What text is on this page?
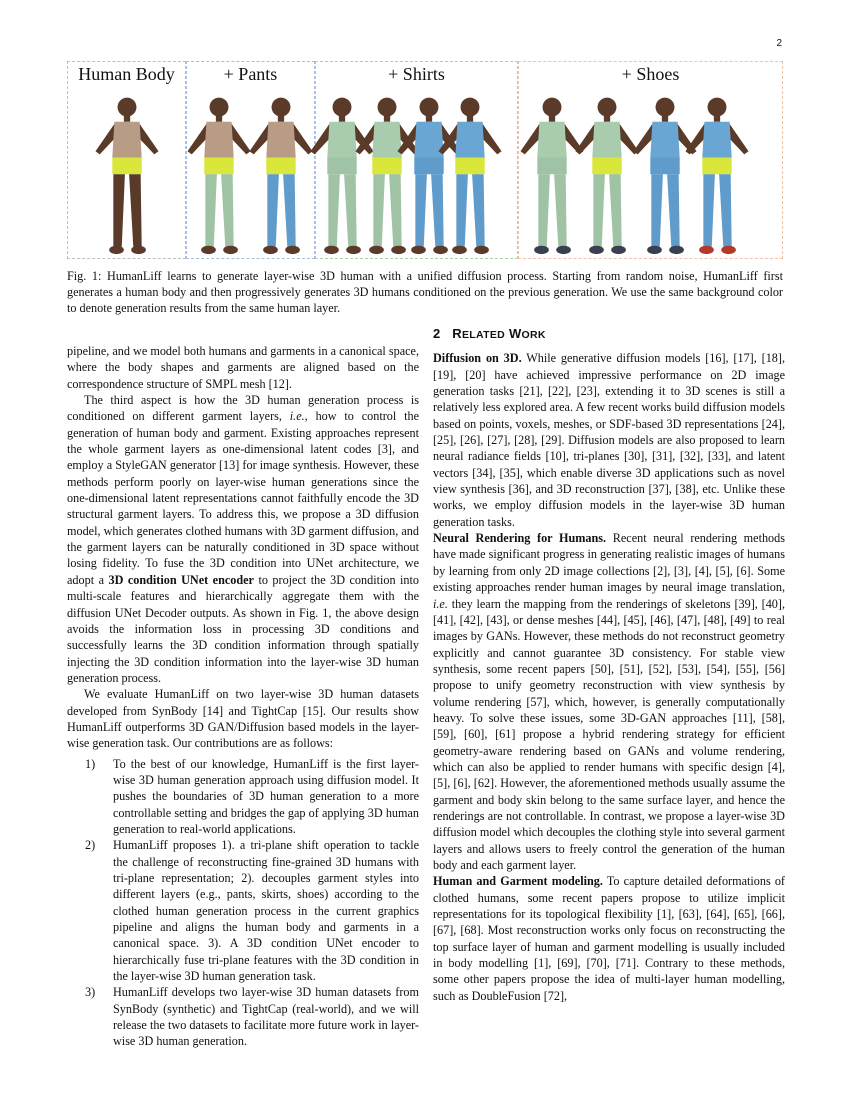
2
Human Body	+ Pants	+ Shirts	+ Shoes
Fig. 1: HumanLiff learns to generate layer-wise 3D human with a unified diffusion process. Starting from random noise, HumanLiff first generates a human body and then progressively generates 3D humans conditioned on the previous generation. We use the same background color to denote generation results from the same human layer.

pipeline, and we model both humans and garments in a canonical space, where the body shapes and garments are aligned based on the correspondence structure of SMPL mesh [12].

The third aspect is how the 3D human generation process is conditioned on different garment layers, i.e., how to control the generation of human body and garment. Existing approaches represent the whole garment layers as one-dimensional latent codes [3], and employ a StyleGAN generator [13] for image synthesis. However, these methods perform poorly on layer-wise human generations since the one-dimensional latent representations cannot faithfully encode the 3D structural garment layers. To address this, we propose a 3D diffusion model, which generates clothed humans with 3D garment diffusion, and the garment layers can be naturally conditioned in 3D space without losing fidelity. To fuse the 3D condition into UNet architecture, we adopt a 3D condition UNet encoder to project the 3D condition into multi-scale features and hierarchically aggregate them with the diffusion UNet Decoder outputs. As shown in Fig. 1, the above design avoids the information loss in processing 3D conditions and successfully learns the 3D condition information through spatially injecting the 3D condition information into the layer-wise 3D human generation process.

We evaluate HumanLiff on two layer-wise 3D human datasets developed from SynBody [14] and TightCap [15]. Our results show HumanLiff outperforms 3D GAN/Diffusion based models in the layer-wise generation task. Our contributions are as follows:

1) To the best of our knowledge, HumanLiff is the first layer-wise 3D human generation approach using diffusion model. It pushes the boundaries of 3D human generation to a more controllable setting and bridges the gap of applying 3D human generation to real-world applications.
2) HumanLiff proposes 1). a tri-plane shift operation to tackle the challenge of reconstructing fine-grained 3D humans with tri-plane representation; 2). decouples garment styles into different layers (e.g., pants, skirts, shoes) according to the clothed human generation process in the current graphics pipeline and aligns the human body and garments in a canonical space. 3). A 3D condition UNet encoder to hierarchically fuse tri-plane features with the 3D condition in the layer-wise 3D human generation task.
3) HumanLiff develops two layer-wise 3D human datasets from SynBody (synthetic) and TightCap (real-world), and we will release the two datasets to facilitate more future work in layer-wise 3D human generation.
2 RELATED WORK

Diffusion on 3D. While generative diffusion models [16], [17], [18], [19], [20] have achieved impressive performance on 2D image generation tasks [21], [22], [23], extending it to 3D scenes is still a relatively less explored area. A few recent works build diffusion models based on points, voxels, meshes, or SDF-based 3D representations [24], [25], [26], [27], [28], [29]. Diffusion models are also proposed to learn neural radiance fields [10], tri-planes [30], [31], [32], [33], and latent vectors [34], [35], which enable diverse 3D applications such as novel view synthesis [36], and 3D reconstruction [37], [38], etc. Unlike these works, we employ diffusion models in the layer-wise 3D human generation tasks.

Neural Rendering for Humans. Recent neural rendering methods have made significant progress in generating realistic images of humans by learning from only 2D image collections [2], [3], [4], [5], [6]. Some existing approaches render human images by neural image translation, i.e. they learn the mapping from the renderings of skeletons [39], [40], [41], [42], [43], or dense meshes [44], [45], [46], [47], [48], [49] to real images by GANs. However, these methods do not reconstruct geometry explicitly and cannot guarantee 3D consistency. For stable view synthesis, some recent papers [50], [51], [52], [53], [54], [55], [56] propose to unify geometry reconstruction with view synthesis by volume rendering [57], which, however, is generally computationally heavy. To solve these issues, some 3D-GAN approaches [11], [58], [59], [60], [61] propose a hybrid rendering strategy for efficient geometry-aware rendering based on GANs and volume rendering, which can also be applied to render humans with specific design [4], [5], [6], [62]. However, the aforementioned methods usually assume the garment and body skin belong to the same surface layer, and hence the renderings are not controllable. In contrast, we propose a layer-wise 3D diffusion model which decouples the clothing style into several garment layers and allows users to freely control the generation of the human body and each garment layer.

Human and Garment modeling. To capture detailed deformations of clothed humans, some recent papers propose to utilize implicit representations for its topological flexibility [1], [63], [64], [65], [66], [67], [68]. Most reconstruction works only focus on reconstructing the top surface layer of human and garment modelling is usually included in body modelling [1], [69], [70], [71]. Contrary to these methods, some other papers propose the idea of multi-layer human modelling, such as DoubleFusion [72],
